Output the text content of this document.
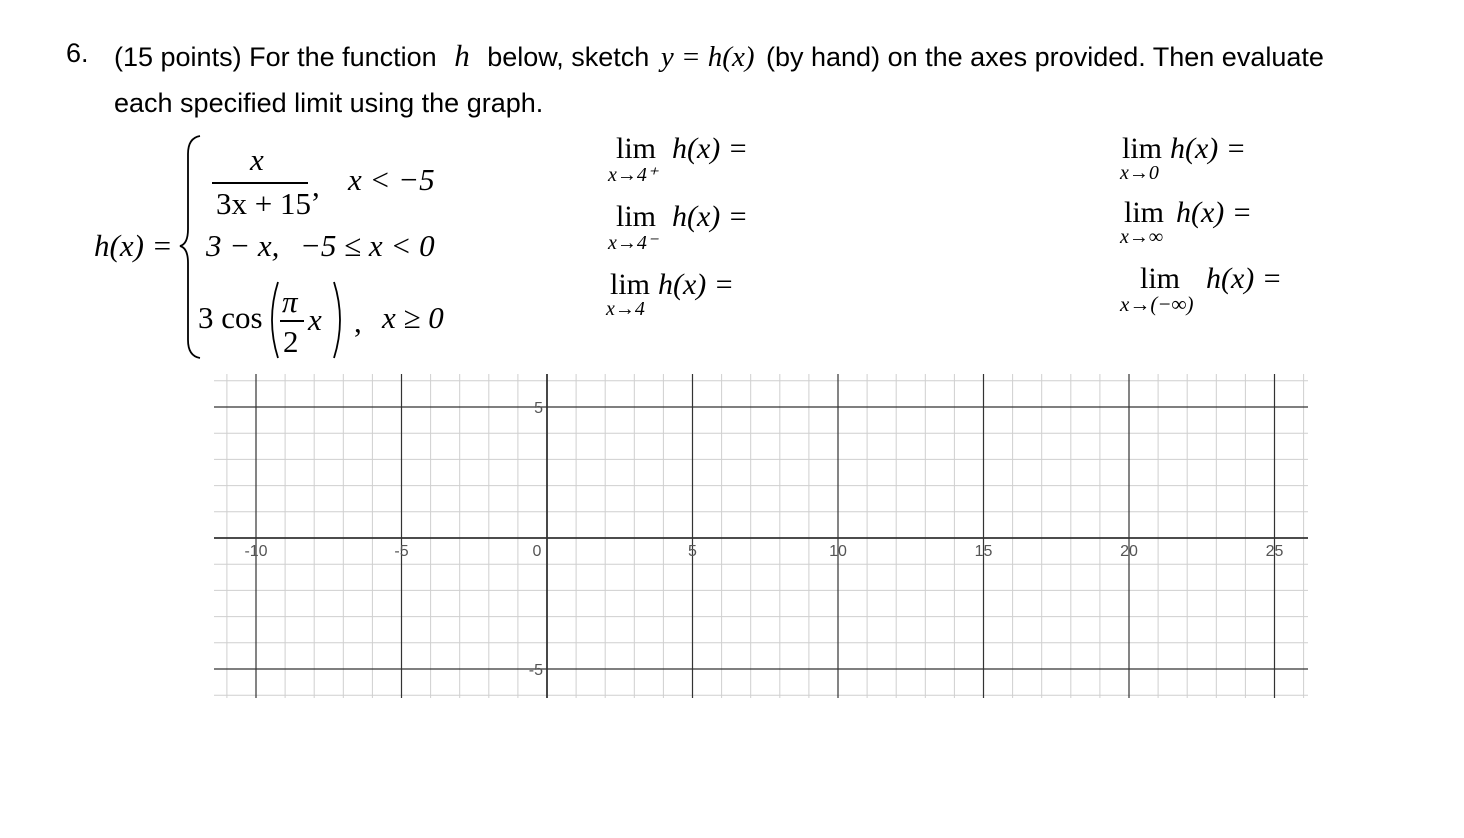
6. (15 points) For the function h below, sketch y = h(x) (by hand) on the axes provided. Then evaluate
each specified limit using the graph.
h(x) =
x
3x + 15
, x < −5
3 − x, −5 ≤ x < 0
3 cos π
2
x , x ≥ 0
lim h(x) =
x→4⁺
lim h(x) =
x→4⁻
lim h(x) =
x→4
lim h(x) =
x→0
lim h(x) =
x→∞
lim h(x) =
x→(−∞)
-10	-5	0	5	10	15	20	25
5
-5
